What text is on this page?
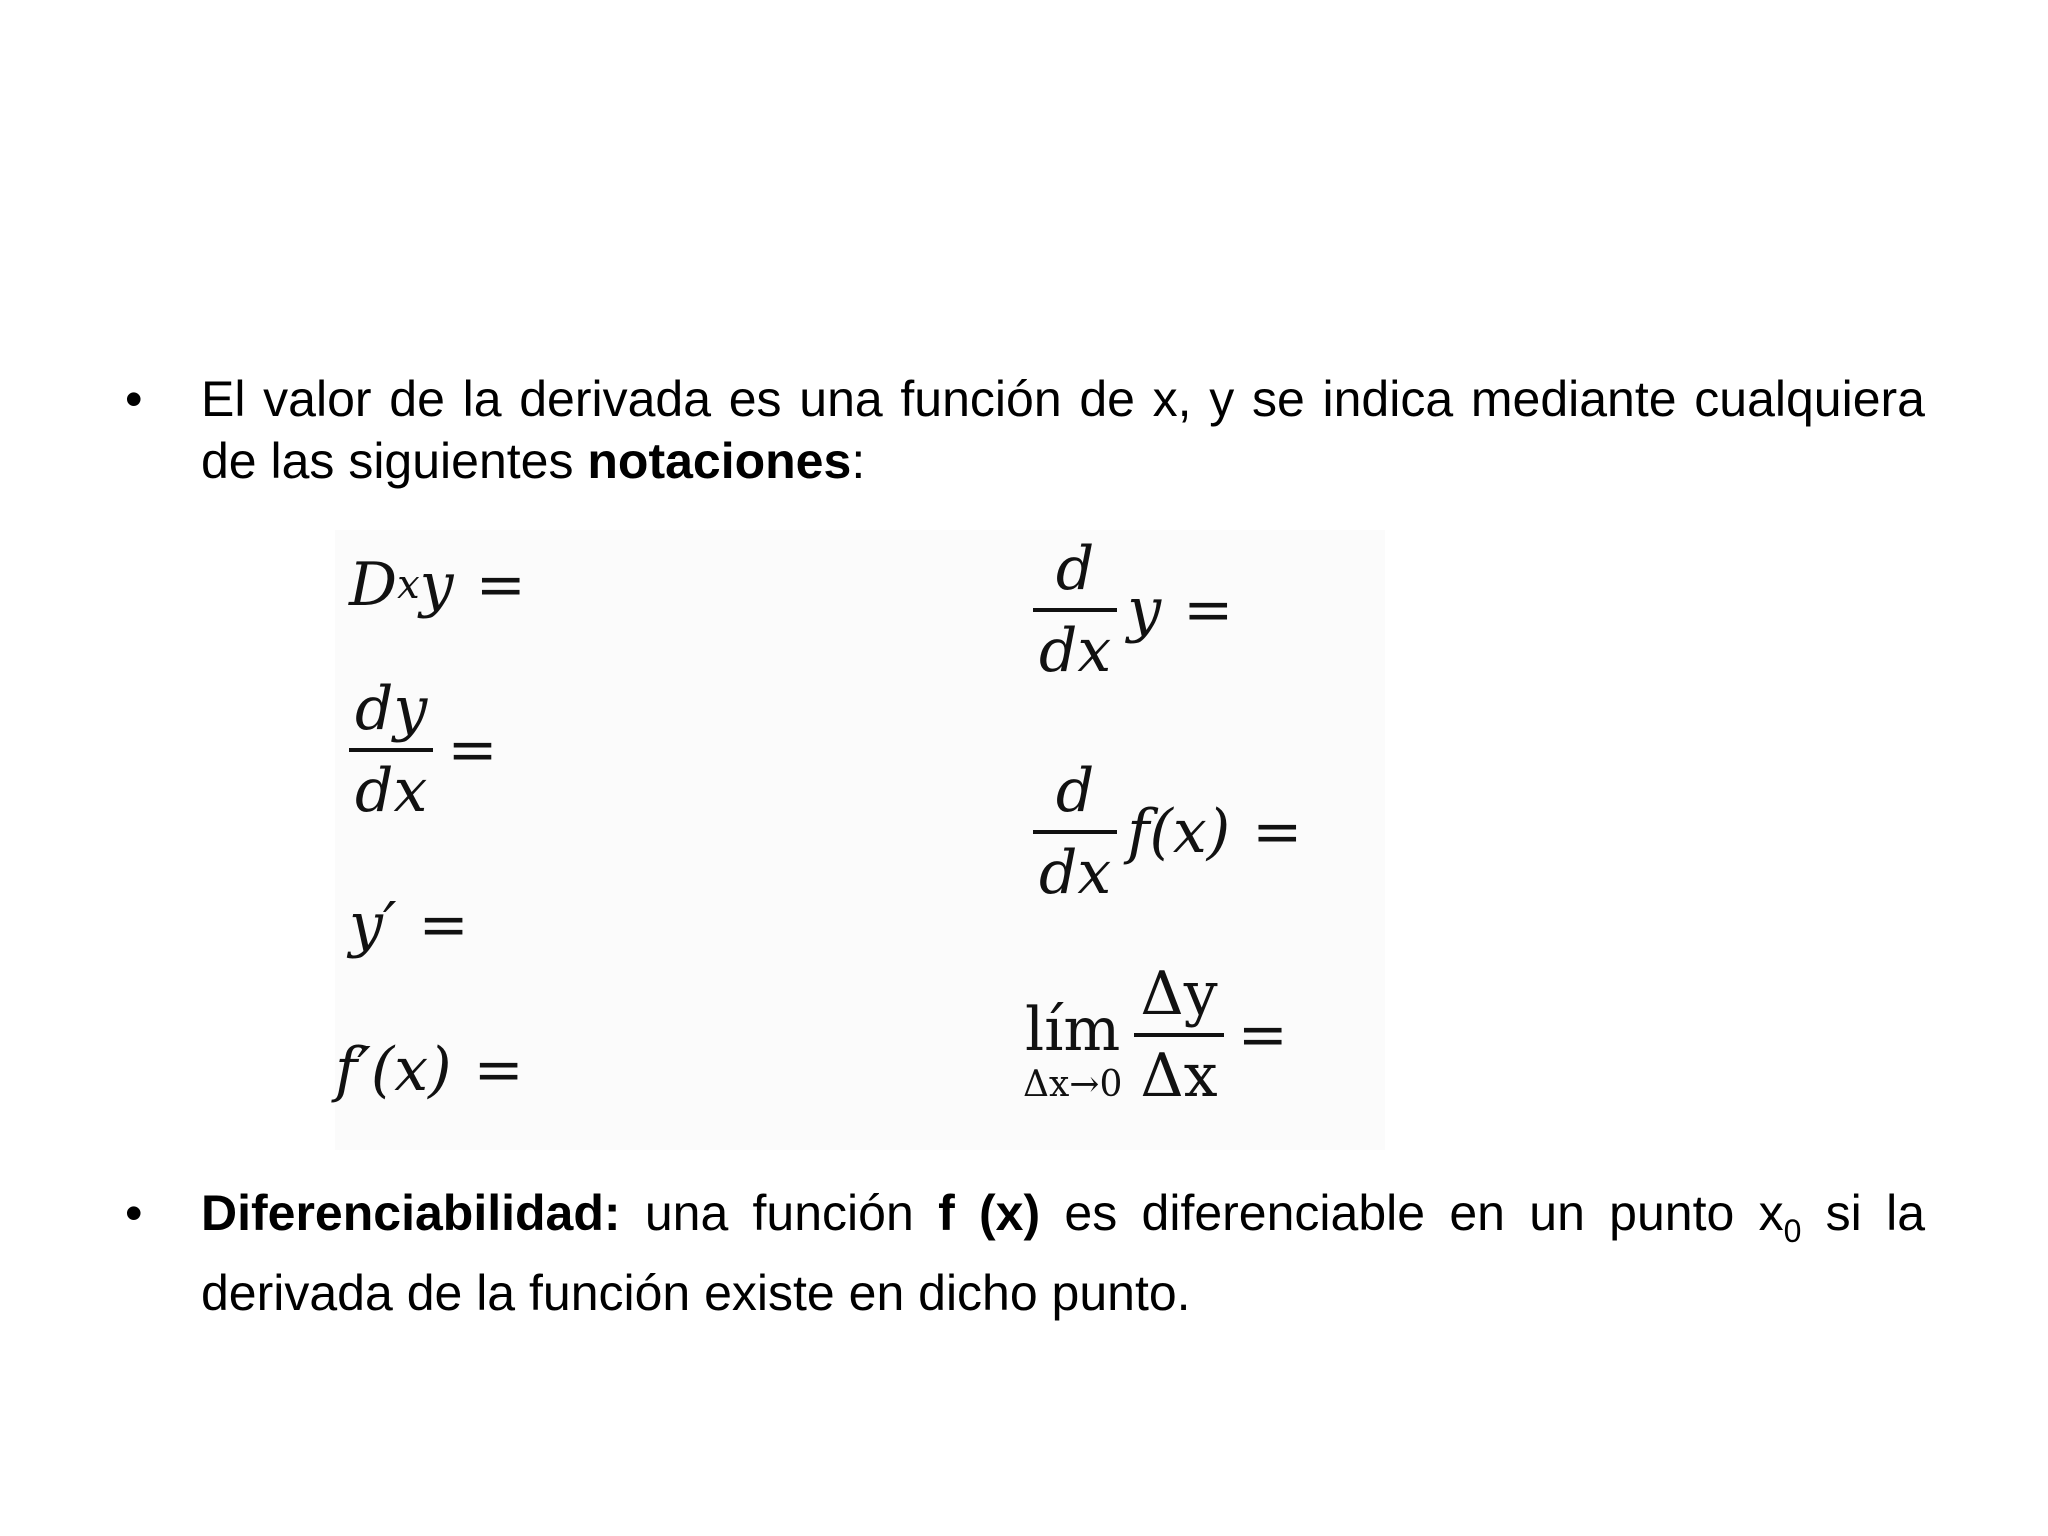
•	El valor de la derivada es una función de x, y se indica mediante cualquiera de las siguientes notaciones:
D x y =
$\frac{dy}{dx}$ =
y′ =
f′(x) =
$\frac{d}{dx}$ y =
$\frac{d}{dx} f(x)$ =
lím
$\Delta x\to 0 \frac{\Delta y}{\Delta x}$ =
•	Diferenciabilidad: una función f (x) es diferenciable en un punto $x_0$ si la derivada de la función existe en dicho punto.
